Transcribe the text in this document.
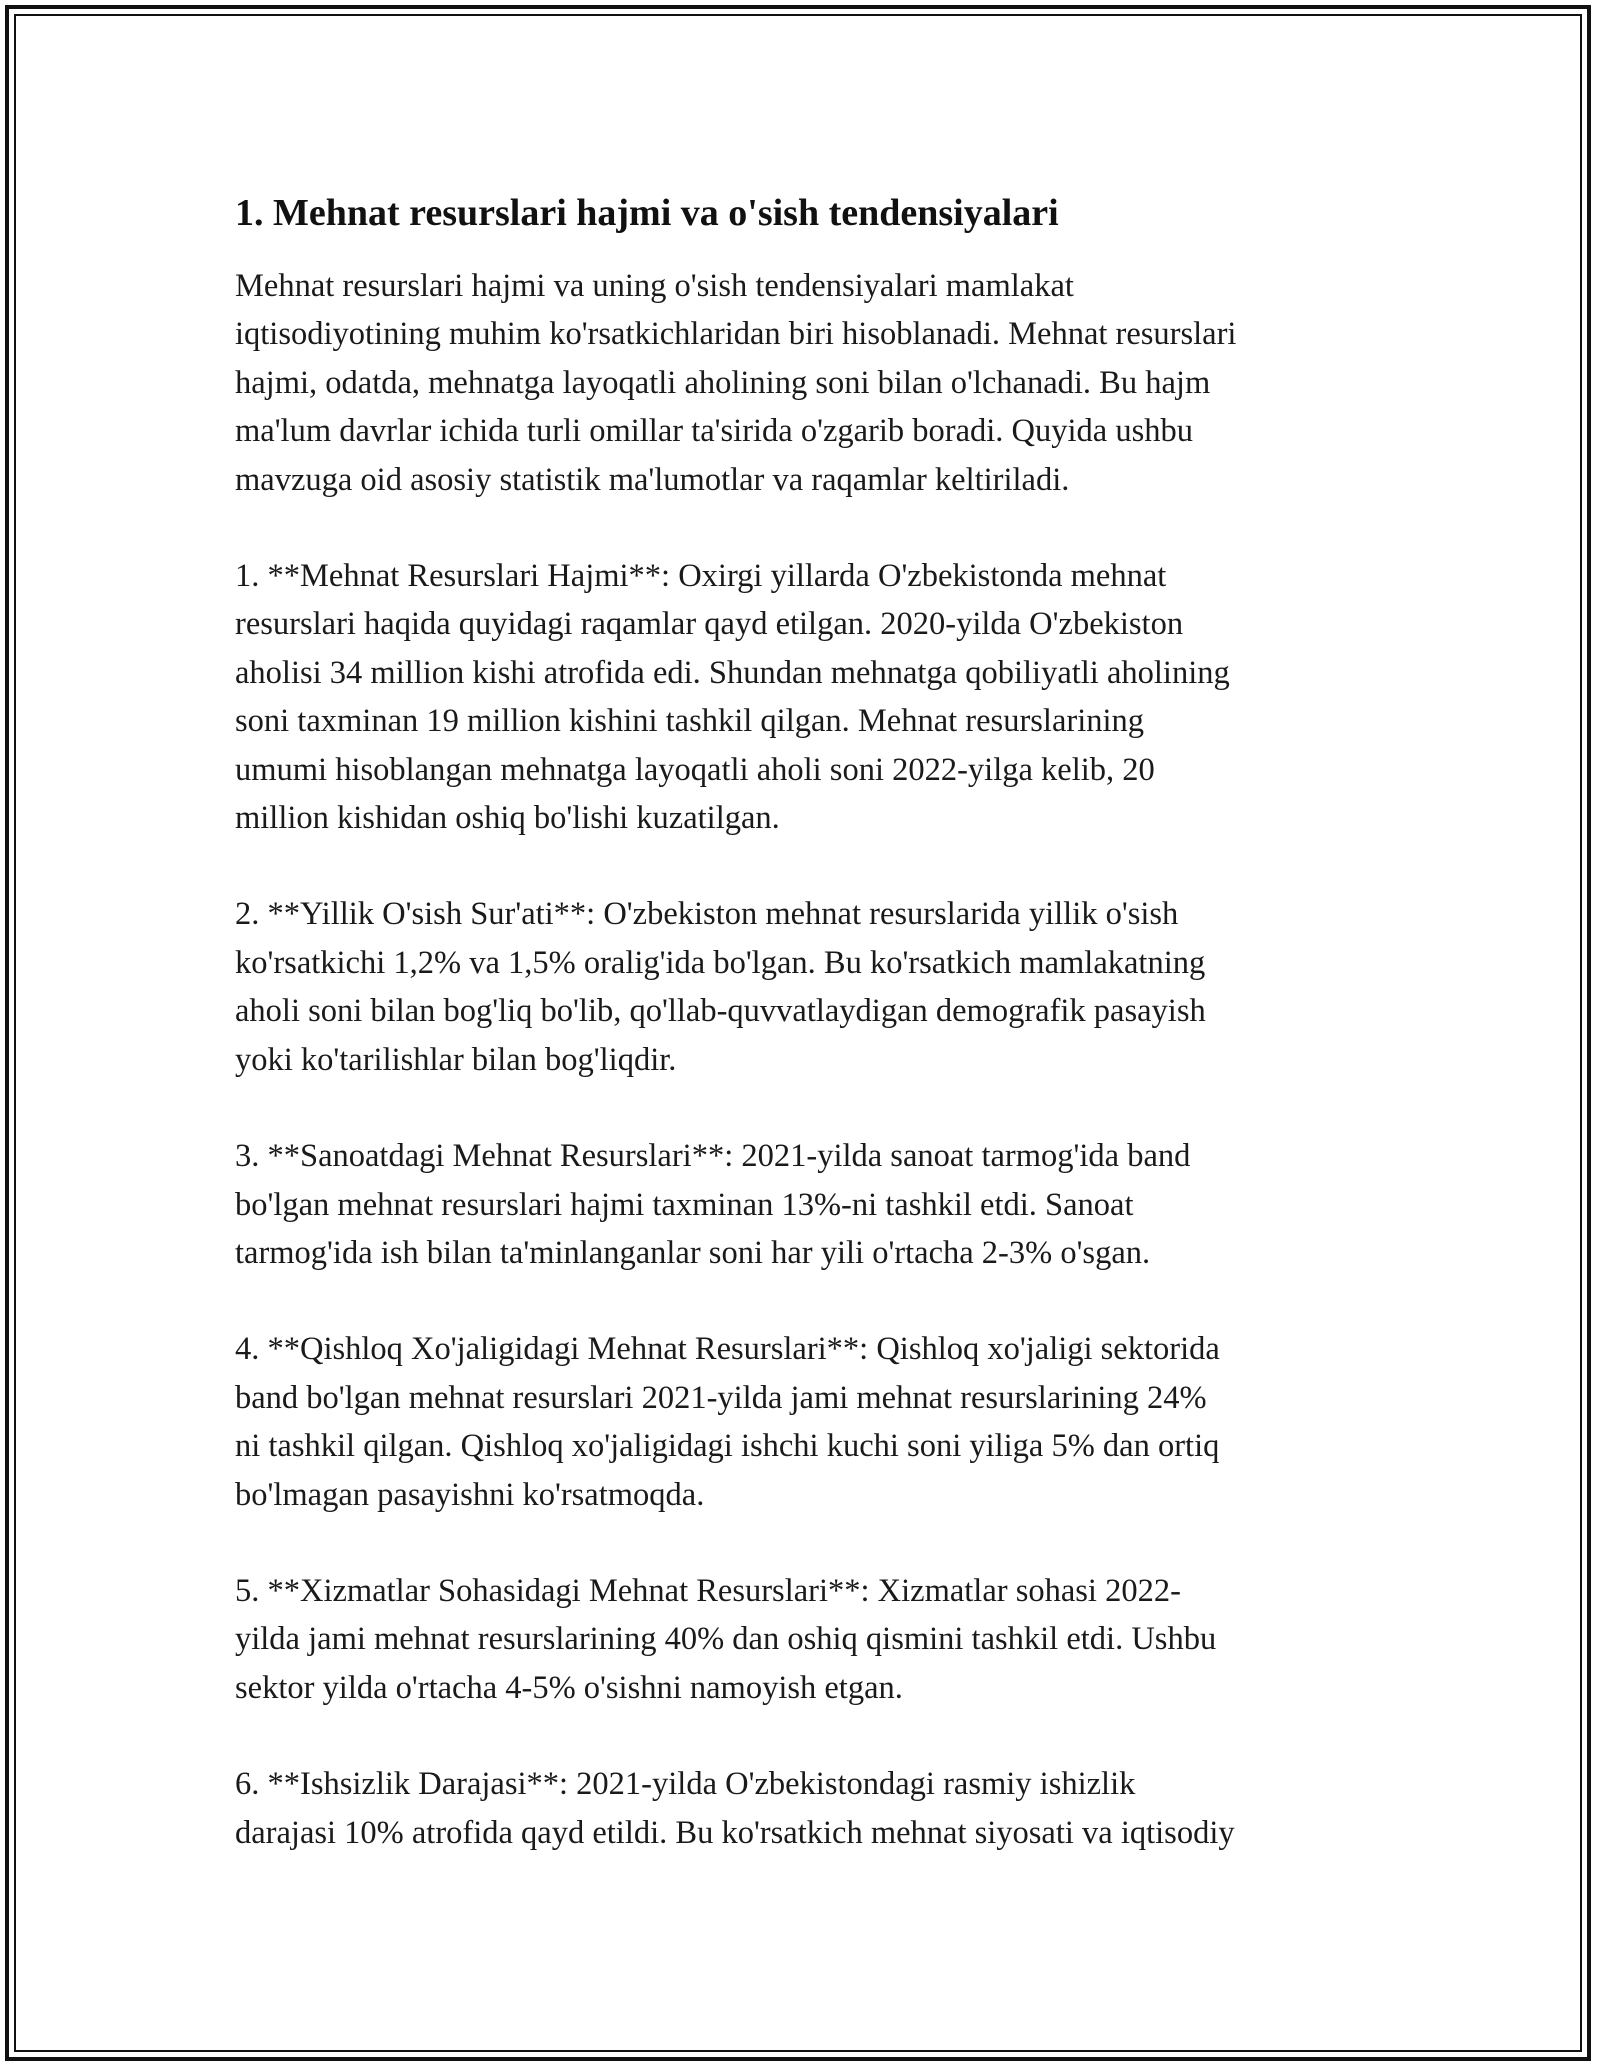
1. Mehnat resurslari hajmi va o'sish tendensiyalari

Mehnat resurslari hajmi va uning o'sish tendensiyalari mamlakat
iqtisodiyotining muhim ko'rsatkichlaridan biri hisoblanadi. Mehnat resurslari
hajmi, odatda, mehnatga layoqatli aholining soni bilan o'lchanadi. Bu hajm
ma'lum davrlar ichida turli omillar ta'sirida o'zgarib boradi. Quyida ushbu
mavzuga oid asosiy statistik ma'lumotlar va raqamlar keltiriladi.

1. **Mehnat Resurslari Hajmi**: Oxirgi yillarda O'zbekistonda mehnat
resurslari haqida quyidagi raqamlar qayd etilgan. 2020-yilda O'zbekiston
aholisi 34 million kishi atrofida edi. Shundan mehnatga qobiliyatli aholining
soni taxminan 19 million kishini tashkil qilgan. Mehnat resurslarining
umumi hisoblangan mehnatga layoqatli aholi soni 2022-yilga kelib, 20
million kishidan oshiq bo'lishi kuzatilgan.

2. **Yillik O'sish Sur'ati**: O'zbekiston mehnat resurslarida yillik o'sish
ko'rsatkichi 1,2% va 1,5% oralig'ida bo'lgan. Bu ko'rsatkich mamlakatning
aholi soni bilan bog'liq bo'lib, qo'llab-quvvatlaydigan demografik pasayish
yoki ko'tarilishlar bilan bog'liqdir.

3. **Sanoatdagi Mehnat Resurslari**: 2021-yilda sanoat tarmog'ida band
bo'lgan mehnat resurslari hajmi taxminan 13%-ni tashkil etdi. Sanoat
tarmog'ida ish bilan ta'minlanganlar soni har yili o'rtacha 2-3% o'sgan.

4. **Qishloq Xo'jaligidagi Mehnat Resurslari**: Qishloq xo'jaligi sektorida
band bo'lgan mehnat resurslari 2021-yilda jami mehnat resurslarining 24%
ni tashkil qilgan. Qishloq xo'jaligidagi ishchi kuchi soni yiliga 5% dan ortiq
bo'lmagan pasayishni ko'rsatmoqda.

5. **Xizmatlar Sohasidagi Mehnat Resurslari**: Xizmatlar sohasi 2022-
yilda jami mehnat resurslarining 40% dan oshiq qismini tashkil etdi. Ushbu
sektor yilda o'rtacha 4-5% o'sishni namoyish etgan.

6. **Ishsizlik Darajasi**: 2021-yilda O'zbekistondagi rasmiy ishizlik
darajasi 10% atrofida qayd etildi. Bu ko'rsatkich mehnat siyosati va iqtisodiy
